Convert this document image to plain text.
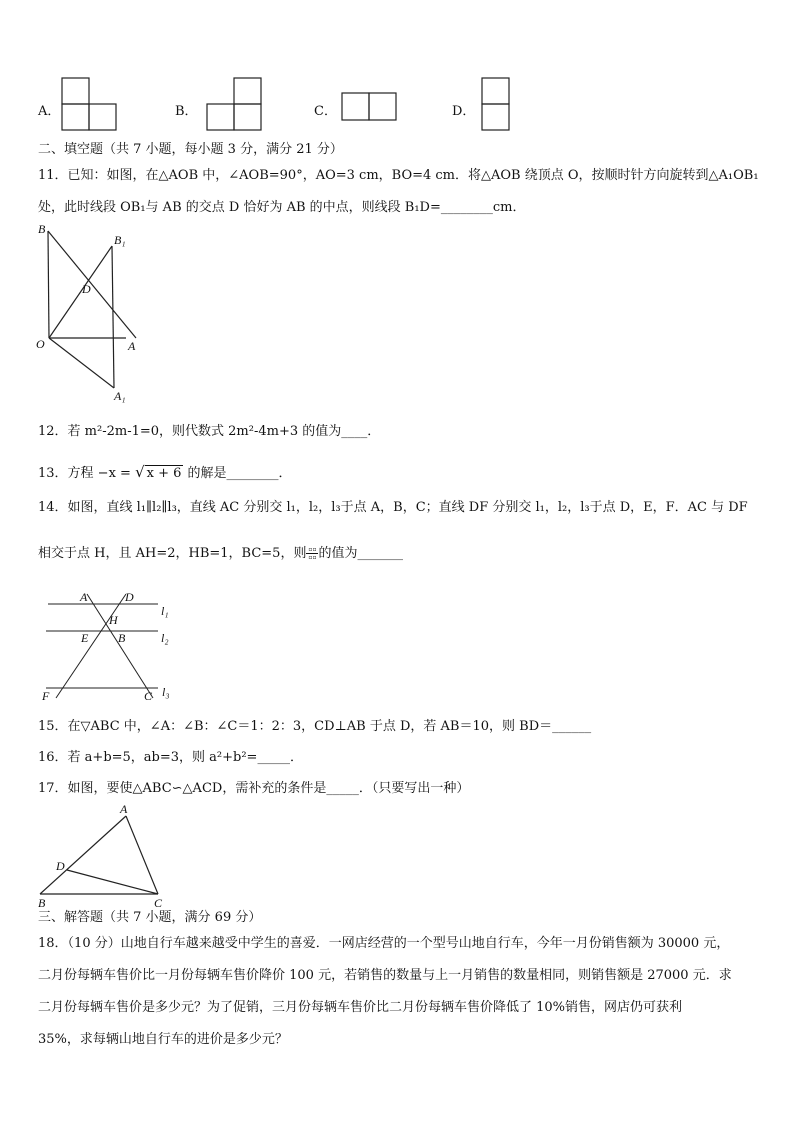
A．	B．	C．	D．
二、填空题（共 7 小题，每小题 3 分，满分 21 分）
11．已知：如图，在△AOB 中，∠AOB=90°，AO=3 cm，BO=4 cm．将△AOB 绕顶点 O，按顺时针方向旋转到△A₁OB₁
处，此时线段 OB₁与 AB 的交点 D 恰好为 AB 的中点，则线段 B₁D=________cm．
B
B₁
D
O	A
A₁
12．若 m²-2m-1=0，则代数式 2m²-4m+3 的值为____．
13．方程 −x = √ x + 6 的解是________．
14．如图，直线 l₁∥l₂∥l₃，直线 AC 分别交 l₁，l₂，l₃于点 A，B，C；直线 DF 分别交 l₁，l₂，l₃于点 D，E，F．AC 与 DF
相交于点 H，且 AH=2，HB=1，BC=5，则 ▫▫
▫▫ 的值为_______
A	D
l₁
H
E B	l₂
F	C l₃
15．在▽ABC 中，∠A：∠B：∠C＝1：2：3，CD⊥AB 于点 D，若 AB＝10，则 BD＝______
16．若 a+b=5，ab=3，则 a²+b²=_____．
17．如图，要使△ABC∽△ACD，需补充的条件是_____．（只要写出一种）
A
D
B	C
三、解答题（共 7 小题，满分 69 分）
18．（10 分）山地自行车越来越受中学生的喜爱．一网店经营的一个型号山地自行车，今年一月份销售额为 30000 元，
二月份每辆车售价比一月份每辆车售价降价 100 元，若销售的数量与上一月销售的数量相同，则销售额是 27000 元．求
二月份每辆车售价是多少元？为了促销，三月份每辆车售价比二月份每辆车售价降低了 10%销售，网店仍可获利
35%，求每辆山地自行车的进价是多少元？
